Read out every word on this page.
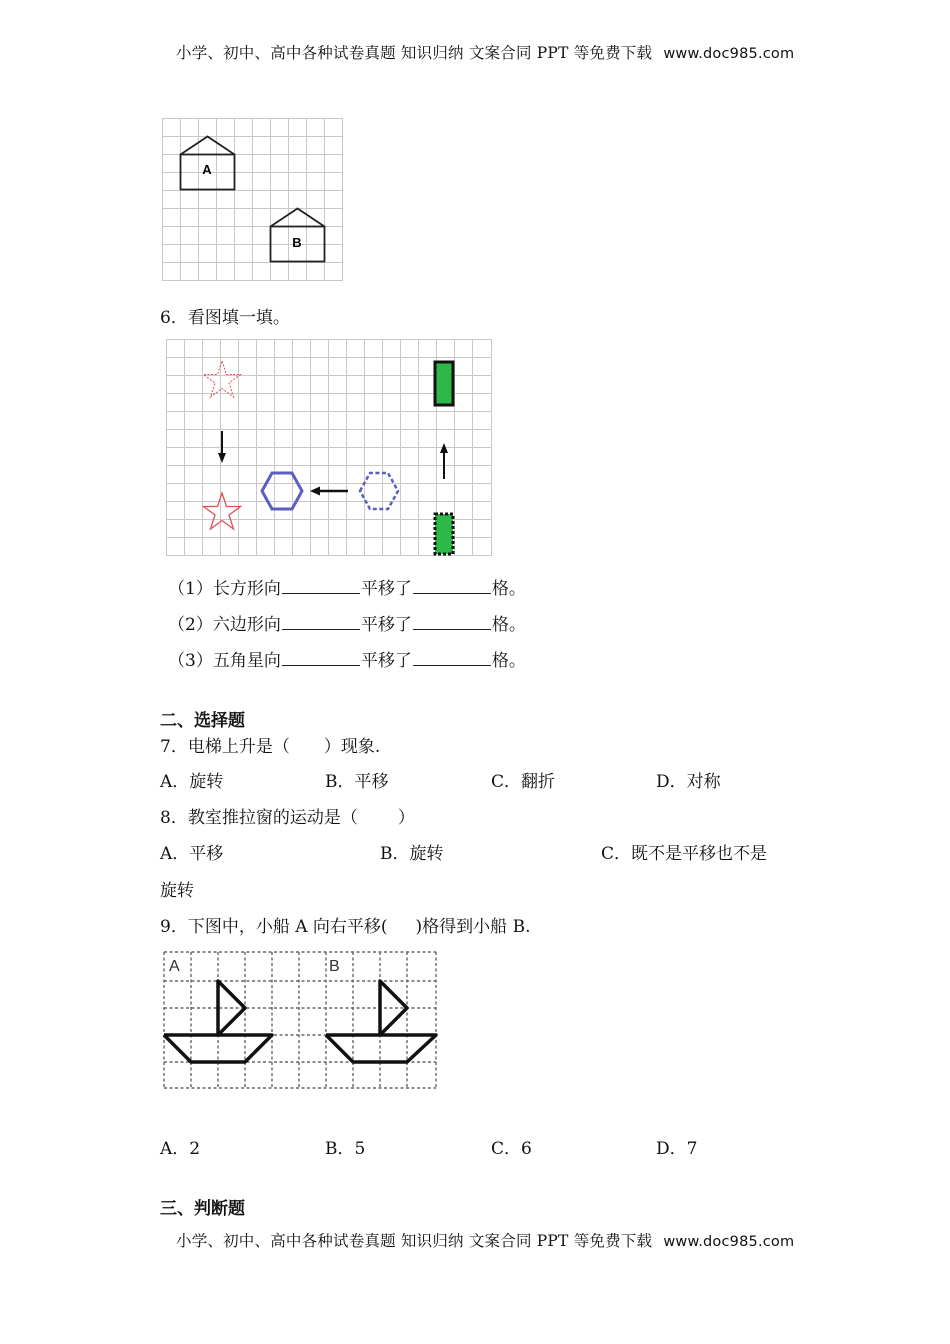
小学、初中、高中各种试卷真题 知识归纳 文案合同 PPT 等免费下载 www.doc985.com
A
B
6．看图填一填。
（1）长方形向	平移了	格。
（2）六边形向	平移了	格。
（3）五角星向	平移了	格。
二、选择题
7．电梯上升是（ ）现象.
A．旋转	B．平移	C．翻折	D．对称
8．教室推拉窗的运动是（ ）
A．平移	B．旋转	C．既不是平移也不是
旋转
9．下图中，小船 A 向右平移( )格得到小船 B.
A	B
A．2	B．5	C．6	D．7
三、判断题
小学、初中、高中各种试卷真题 知识归纳 文案合同 PPT 等免费下载 www.doc985.com
